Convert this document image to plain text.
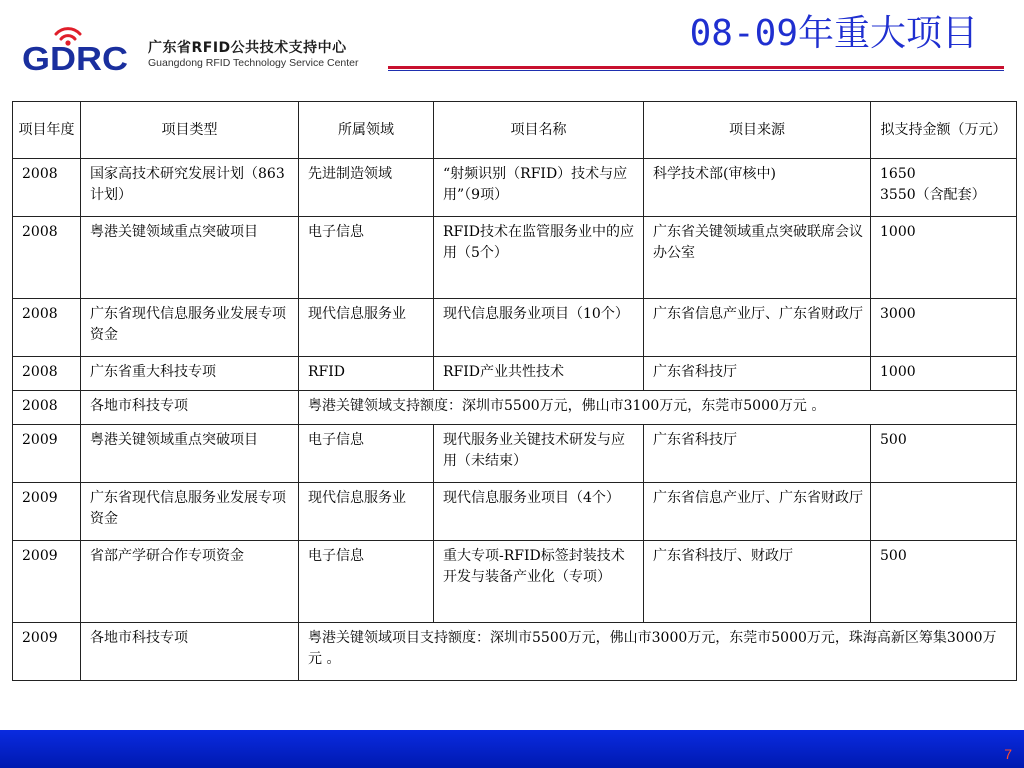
GDRC 广东省RFID公共技术支持中心
Guangdong RFID Technology Service Center
08-09年重大项目
项目年度	项目类型	所属领域	项目名称	项目来源	拟支持金额（万元）
2008	国家高技术研究发展计划（863计划）	先进制造领域	“射频识别（RFID）技术与应用”（9项）	科学技术部(审核中)	1650
3550（含配套）
2008	粤港关键领域重点突破项目	电子信息	RFID技术在监管服务业中的应用（5个）	广东省关键领域重点突破联席会议办公室	1000
2008	广东省现代信息服务业发展专项资金	现代信息服务业	现代信息服务业项目（10个）	广东省信息产业厅、广东省财政厅	3000
2008	广东省重大科技专项	RFID	RFID产业共性技术	广东省科技厅	1000
2008	各地市科技专项	粤港关键领域支持额度：深圳市5500万元，佛山市3100万元，东莞市5000万元 。			
2009	粤港关键领域重点突破项目	电子信息	现代服务业关键技术研发与应用（未结束）	广东省科技厅	500
2009	广东省现代信息服务业发展专项资金	现代信息服务业	现代信息服务业项目（4个）	广东省信息产业厅、广东省财政厅	
2009	省部产学研合作专项资金	电子信息	重大专项-RFID标签封装技术开发与装备产业化（专项）	广东省科技厅、财政厅	500
2009	各地市科技专项	粤港关键领域项目支持额度：深圳市5500万元，佛山市3000万元，东莞市5000万元，珠海高新区筹集3000万元 。			
7
